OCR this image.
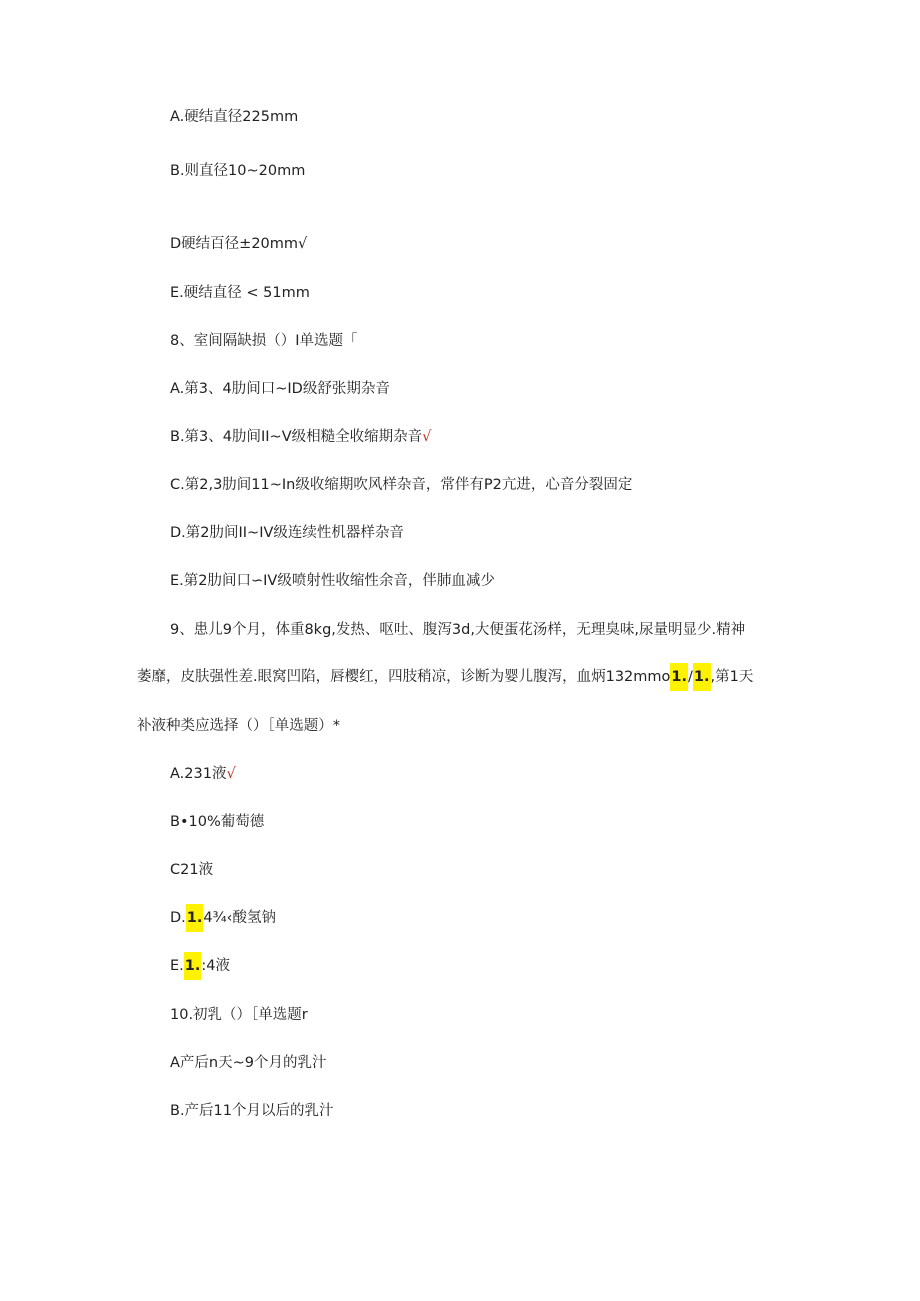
A.硬结直径225mm
B.则直径10~20mm
D硬结百径±20mm√
E.硬结直径 < 51mm
8、室间隔缺损（）I单选题「
A.第3、4肋间口~ID级舒张期杂音
B.第3、4肋间II~V级相糙全收缩期杂音√
C.第2,3肋间11~In级收缩期吹风样杂音，常伴有P2亢进，心音分裂固定
D.第2肋间II~IV级连续性机器样杂音
E.第2肋间口∽IV级喷射性收缩性余音，伴肺血减少
9、患儿9个月，体重8kg,发热、呕吐、腹泻3d,大便蛋花汤样，无理臭味,尿量明显少.精神
萎靡，皮肤强性差.眼窝凹陷，唇樱红，四肢稍凉，诊断为婴儿腹泻，血炳132mmo1./1.,第1天
补液种类应选择（）［单选题）*
A.231液√
B•10%葡萄德
C21液
D.1.4¾‹酸氢钠
E.1.:4液
10.初乳（）［单选题r
A产后n天~9个月的乳汁
B.产后11个月以后的乳汁
